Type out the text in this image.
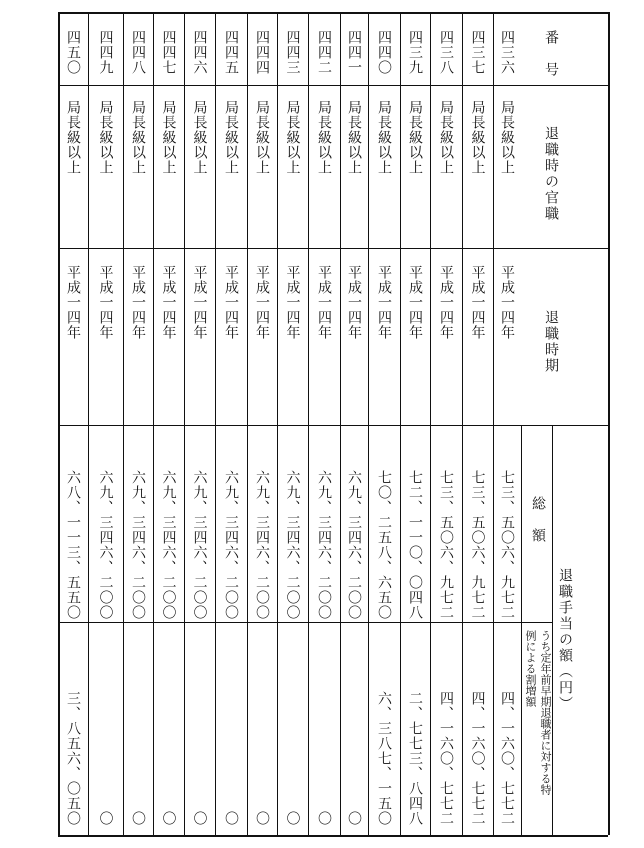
番　号
退職時の官職
退職時期
退職手当の額（円）
総　額
うち定年前早期退職者に対する特
例による割増額
四三六
局長級以上
平成一四年
七三、五〇六、九七二
四、一六〇、七七二
四三七
局長級以上
平成一四年
七三、五〇六、九七二
四、一六〇、七七二
四三八
局長級以上
平成一四年
七三、五〇六、九七二
四、一六〇、七七二
四三九
局長級以上
平成一四年
七二、一一〇、〇四八
二、七七三、八四八
四四〇
局長級以上
平成一四年
七〇、二五八、六五〇
六、三八七、一五〇
四四一
局長級以上
平成一四年
六九、三四六、二〇〇
〇
四四二
局長級以上
平成一四年
六九、三四六、二〇〇
〇
四四三
局長級以上
平成一四年
六九、三四六、二〇〇
〇
四四四
局長級以上
平成一四年
六九、三四六、二〇〇
〇
四四五
局長級以上
平成一四年
六九、三四六、二〇〇
〇
四四六
局長級以上
平成一四年
六九、三四六、二〇〇
〇
四四七
局長級以上
平成一四年
六九、三四六、二〇〇
〇
四四八
局長級以上
平成一四年
六九、三四六、二〇〇
〇
四四九
局長級以上
平成一四年
六九、三四六、二〇〇
〇
四五〇
局長級以上
平成一四年
六八、一一三、五五〇
三、八五六、〇五〇
